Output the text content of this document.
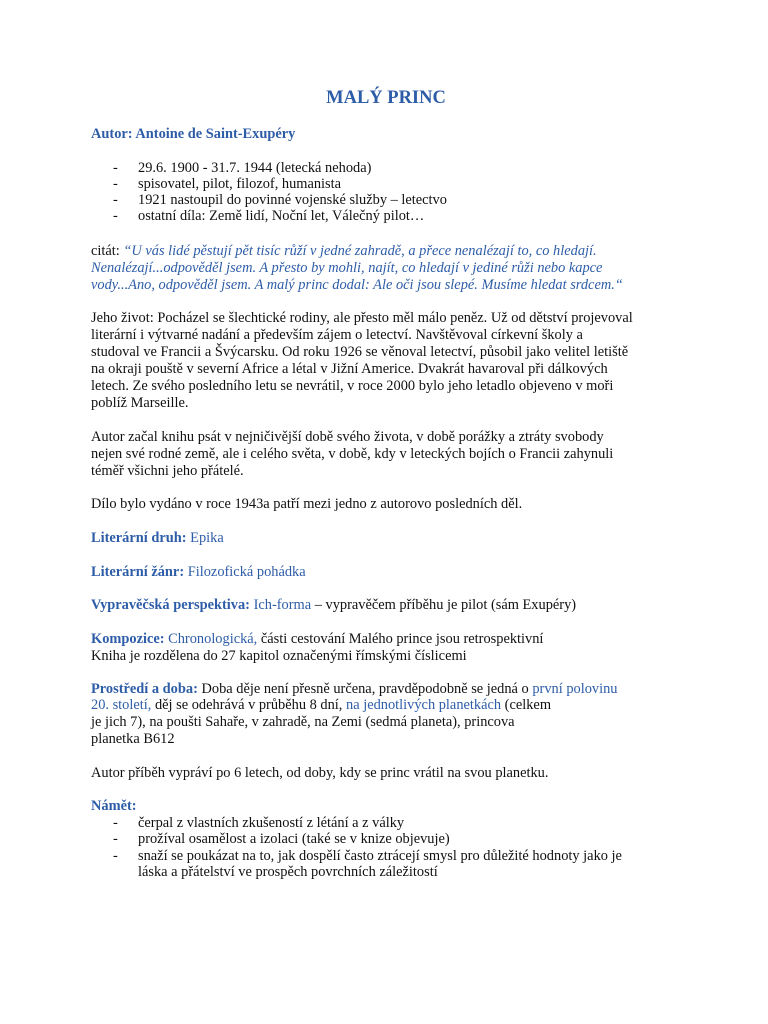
MALÝ PRINC
Autor: Antoine de Saint-Exupéry
- 29.6. 1900 - 31.7. 1944 (letecká nehoda)
- spisovatel, pilot, filozof, humanista
- 1921 nastoupil do povinné vojenské služby – letectvo
- ostatní díla: Země lidí, Noční let, Válečný pilot…
citát: “U vás lidé pěstují pět tisíc růží v jedné zahradě, a přece nenalézají to, co hledají.
Nenalézají...odpověděl jsem. A přesto by mohli, najít, co hledají v jediné růži nebo kapce
vody...Ano, odpověděl jsem. A malý princ dodal: Ale oči jsou slepé. Musíme hledat srdcem.“
Jeho život: Pocházel se šlechtické rodiny, ale přesto měl málo peněz. Už od dětství projevoval
literární i výtvarné nadání a především zájem o letectví. Navštěvoval církevní školy a
studoval ve Francii a Švýcarsku. Od roku 1926 se věnoval letectví, působil jako velitel letiště
na okraji pouště v severní Africe a létal v Jižní Americe. Dvakrát havaroval při dálkových
letech. Ze svého posledního letu se nevrátil, v roce 2000 bylo jeho letadlo objeveno v moři
poblíž Marseille.
Autor začal knihu psát v nejničivější době svého života, v době porážky a ztráty svobody
nejen své rodné země, ale i celého světa, v době, kdy v leteckých bojích o Francii zahynuli
téměř všichni jeho přátelé.
Dílo bylo vydáno v roce 1943a patří mezi jedno z autorovo posledních děl.
Literární druh: Epika
Literární žánr: Filozofická pohádka
Vypravěčská perspektiva: Ich-forma – vypravěčem příběhu je pilot (sám Exupéry)
Kompozice: Chronologická, části cestování Malého prince jsou retrospektivní
Kniha je rozdělena do 27 kapitol označenými římskými číslicemi
Prostředí a doba: Doba děje není přesně určena, pravděpodobně se jedná o první polovinu
20. století, děj se odehrává v průběhu 8 dní, na jednotlivých planetkách (celkem
je jich 7), na poušti Sahaře, v zahradě, na Zemi (sedmá planeta), princova
planetka B612
Autor příběh vypráví po 6 letech, od doby, kdy se princ vrátil na svou planetku.
Námět:
- čerpal z vlastních zkušeností z létání a z války
- prožíval osamělost a izolaci (také se v knize objevuje)
- snaží se poukázat na to, jak dospělí často ztrácejí smysl pro důležité hodnoty jako je
láska a přátelství ve prospěch povrchních záležitostí
